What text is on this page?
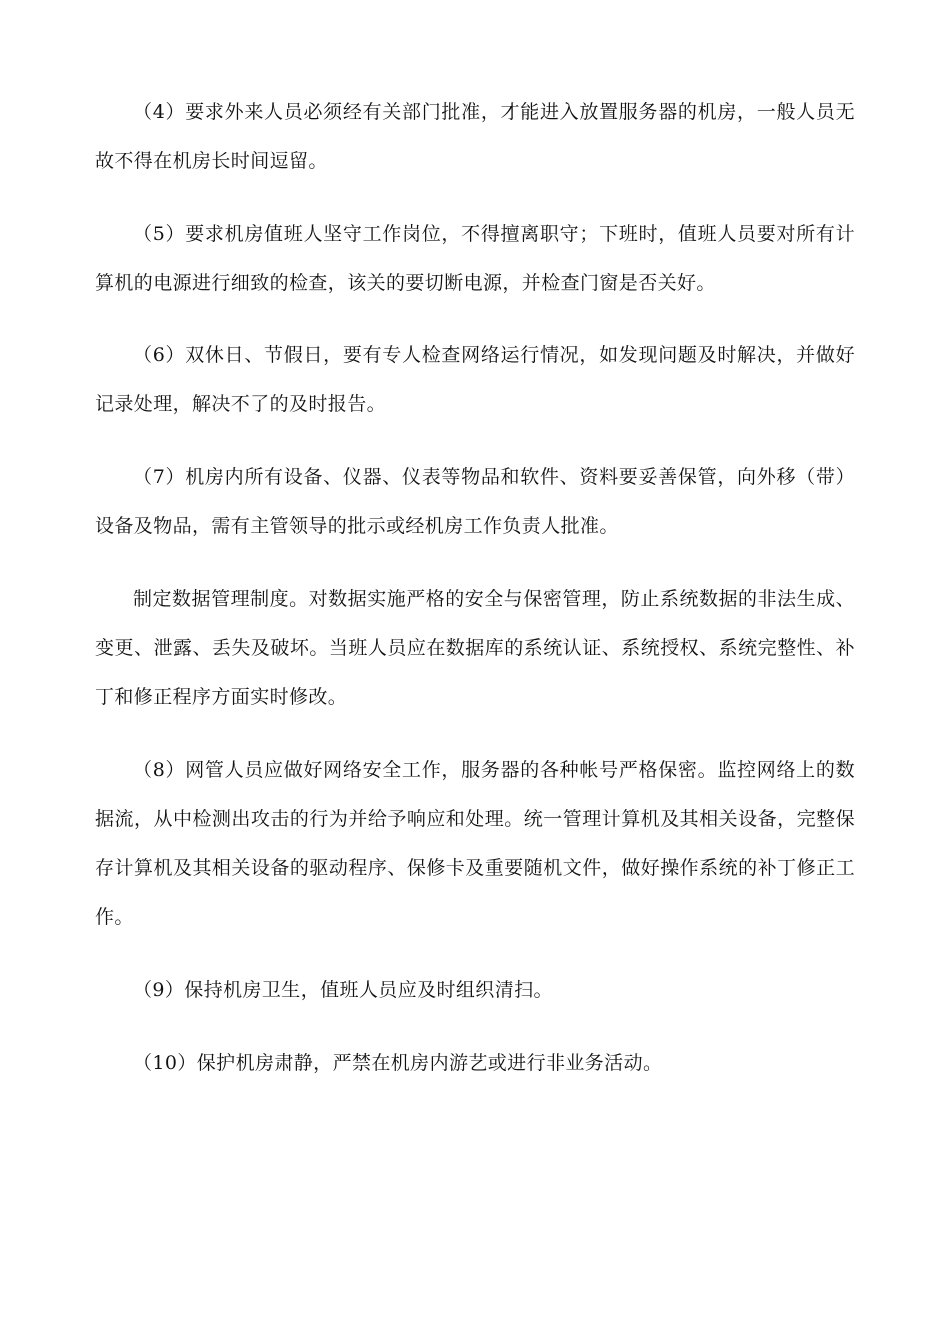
（4）要求外来人员必须经有关部门批准，才能进入放置服务器的机房，一般人员无故不得在机房长时间逗留。

（5）要求机房值班人坚守工作岗位，不得擅离职守；下班时，值班人员要对所有计算机的电源进行细致的检查，该关的要切断电源，并检查门窗是否关好。

（6）双休日、节假日，要有专人检查网络运行情况，如发现问题及时解决，并做好记录处理，解决不了的及时报告。

（7）机房内所有设备、仪器、仪表等物品和软件、资料要妥善保管，向外移（带）设备及物品，需有主管领导的批示或经机房工作负责人批准。

制定数据管理制度。对数据实施严格的安全与保密管理，防止系统数据的非法生成、变更、泄露、丢失及破坏。当班人员应在数据库的系统认证、系统授权、系统完整性、补丁和修正程序方面实时修改。

（8）网管人员应做好网络安全工作，服务器的各种帐号严格保密。监控网络上的数据流，从中检测出攻击的行为并给予响应和处理。统一管理计算机及其相关设备，完整保存计算机及其相关设备的驱动程序、保修卡及重要随机文件，做好操作系统的补丁修正工作。

（9）保持机房卫生，值班人员应及时组织清扫。

（10）保护机房肃静，严禁在机房内游艺或进行非业务活动。
